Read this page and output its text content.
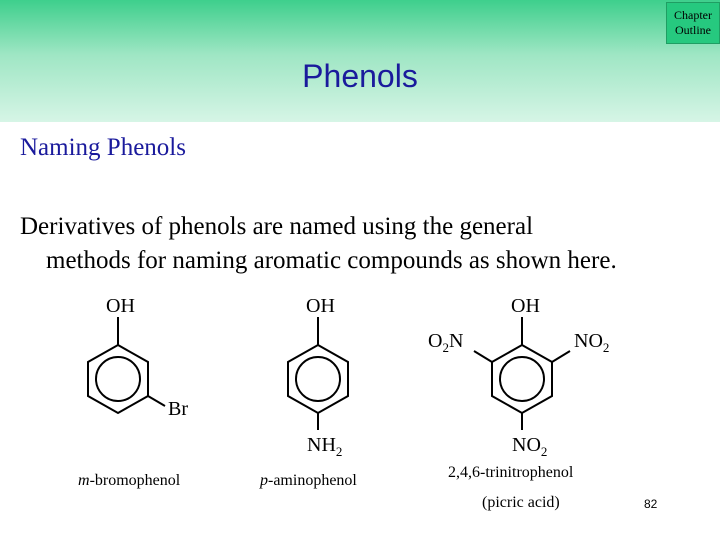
Chapter
Outline
Phenols
Naming Phenols
Derivatives of phenols are named using the general
methods for naming aromatic compounds as shown here.
OH
Br
m-bromophenol
OH
$NH_2$
p-aminophenol
OH
$O_2N$	$NO_2$
$NO_2$
2,4,6-trinitrophenol
(picric acid)	82
